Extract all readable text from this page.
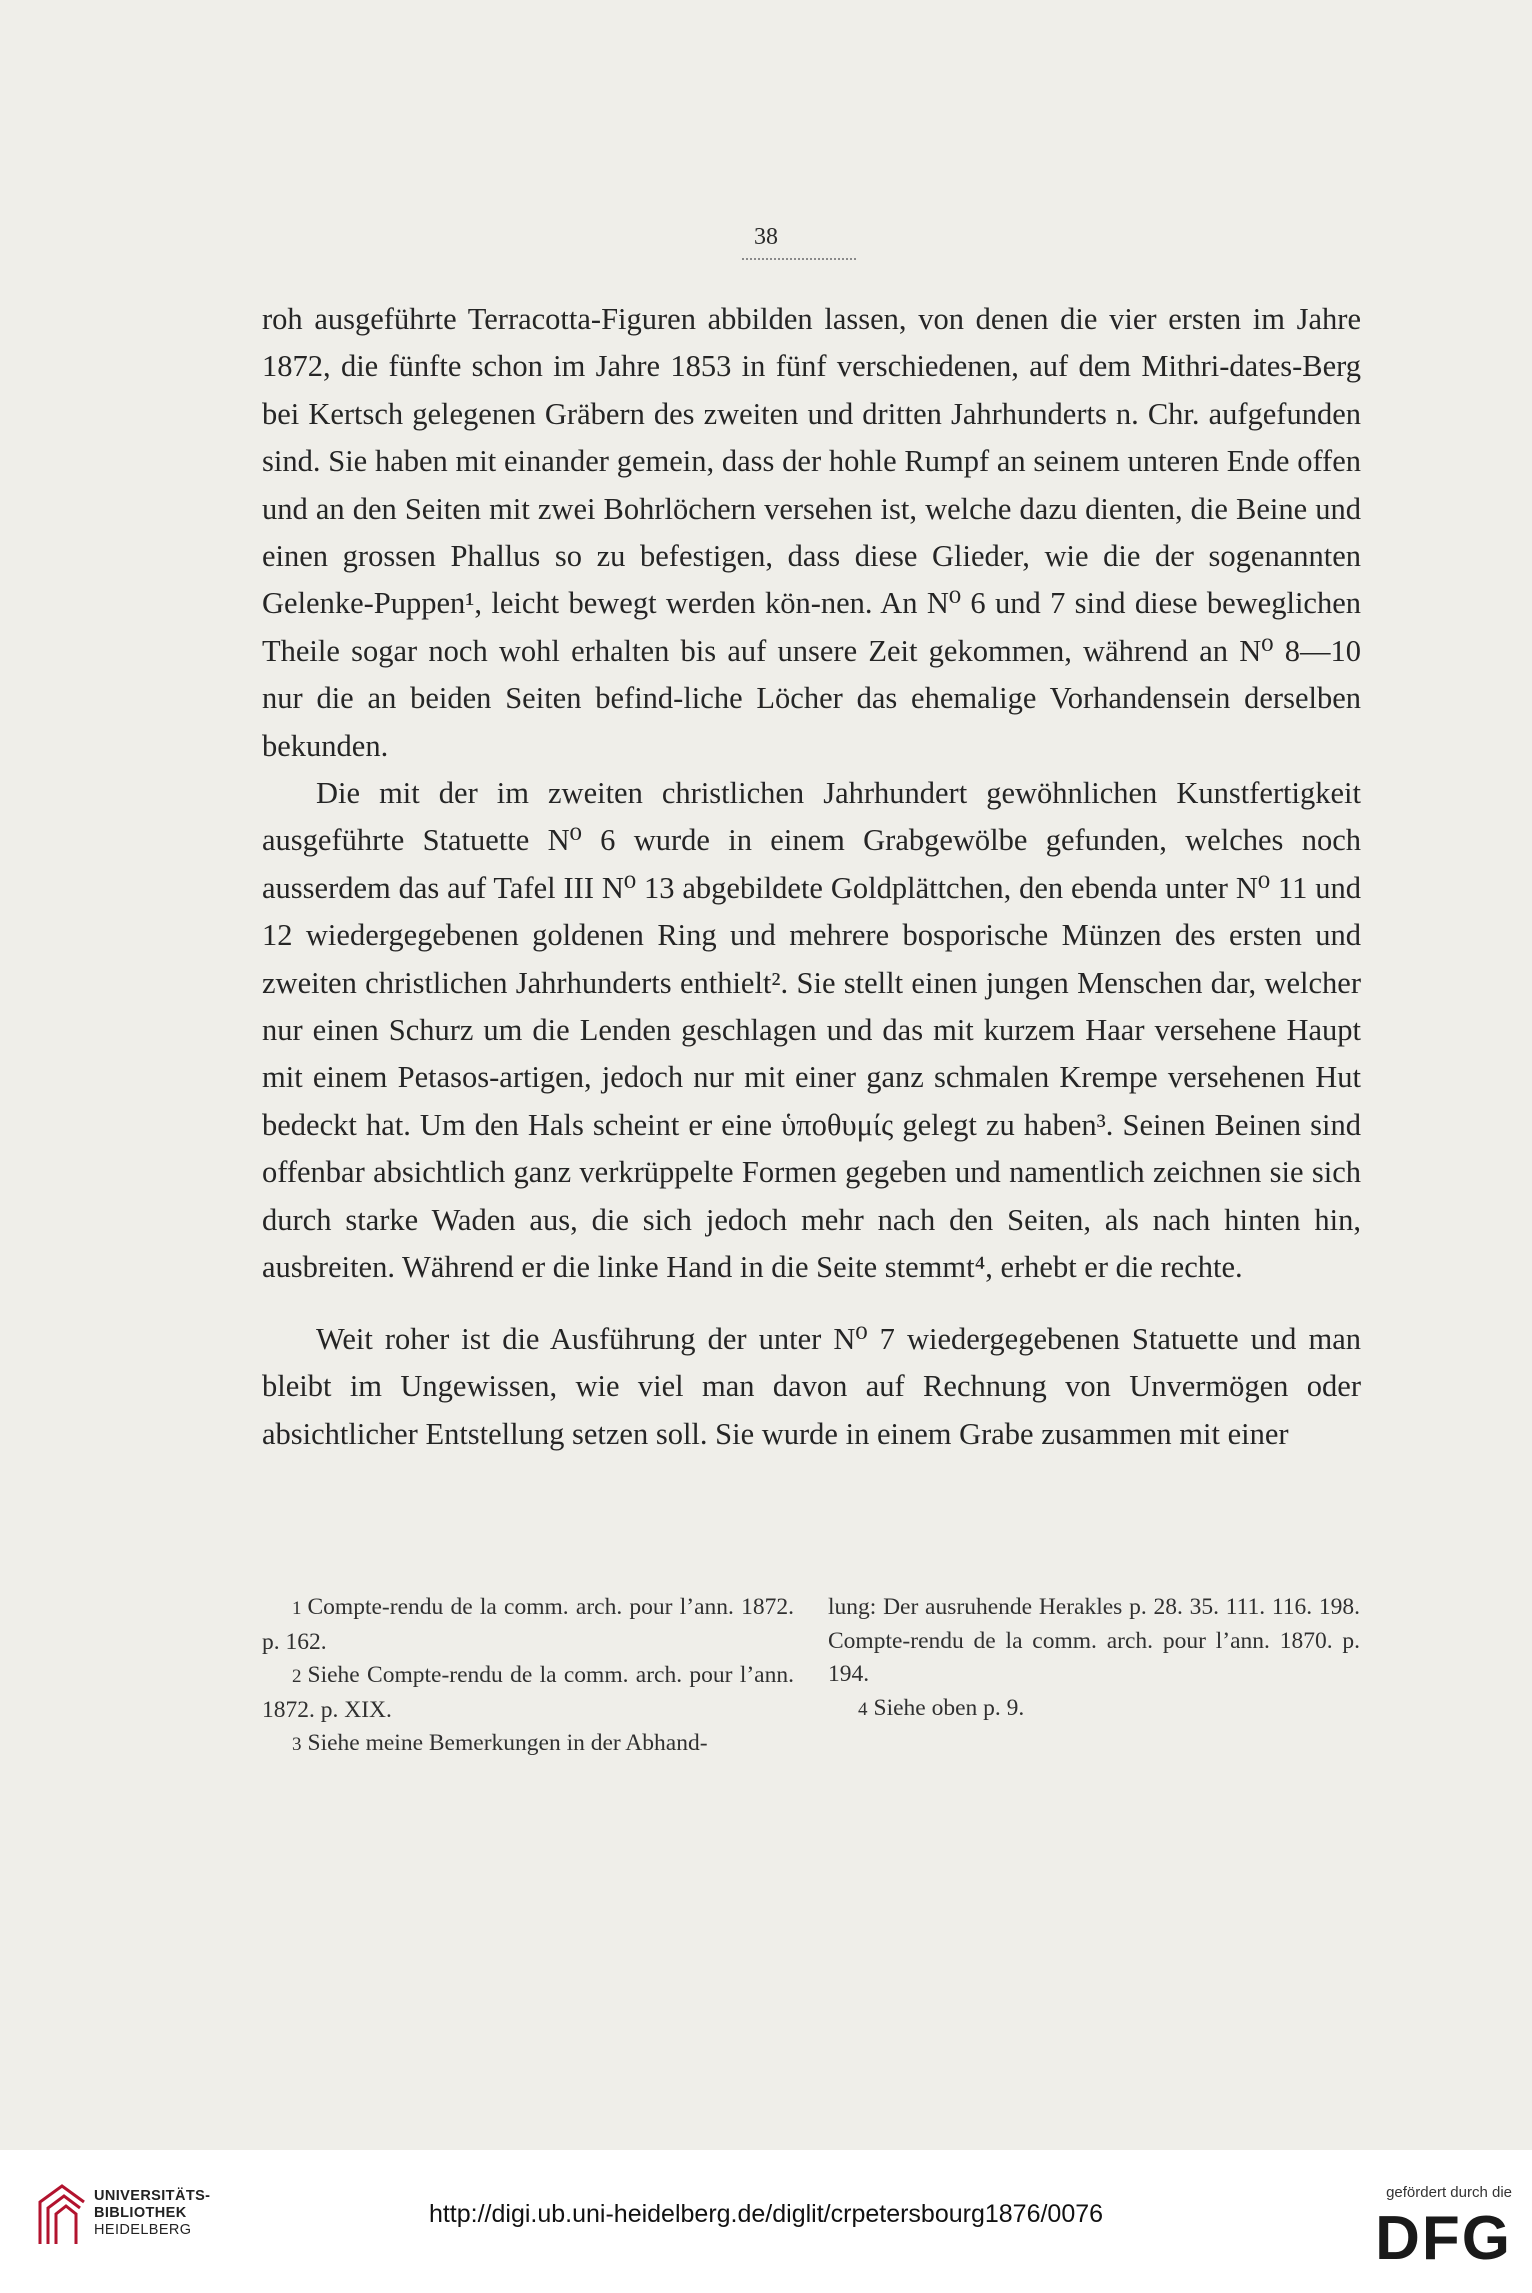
38

roh ausgeführte Terracotta-Figuren abbilden lassen, von denen die vier ersten im Jahre 1872, die fünfte schon im Jahre 1853 in fünf verschiedenen, auf dem Mithri-dates-Berg bei Kertsch gelegenen Gräbern des zweiten und dritten Jahrhunderts n. Chr. aufgefunden sind. Sie haben mit einander gemein, dass der hohle Rumpf an seinem unteren Ende offen und an den Seiten mit zwei Bohrlöchern versehen ist, welche dazu dienten, die Beine und einen grossen Phallus so zu befestigen, dass diese Glieder, wie die der sogenannten Gelenke-Puppen¹, leicht bewegt werden kön-nen. An N⁰ 6 und 7 sind diese beweglichen Theile sogar noch wohl erhalten bis auf unsere Zeit gekommen, während an N⁰ 8—10 nur die an beiden Seiten befind-liche Löcher das ehemalige Vorhandensein derselben bekunden.

Die mit der im zweiten christlichen Jahrhundert gewöhnlichen Kunstfertigkeit ausgeführte Statuette N⁰ 6 wurde in einem Grabgewölbe gefunden, welches noch ausserdem das auf Tafel III N⁰ 13 abgebildete Goldplättchen, den ebenda unter N⁰ 11 und 12 wiedergegebenen goldenen Ring und mehrere bosporische Münzen des ersten und zweiten christlichen Jahrhunderts enthielt². Sie stellt einen jungen Menschen dar, welcher nur einen Schurz um die Lenden geschlagen und das mit kurzem Haar versehene Haupt mit einem Petasos-artigen, jedoch nur mit einer ganz schmalen Krempe versehenen Hut bedeckt hat. Um den Hals scheint er eine ὑποθυμίς gelegt zu haben³. Seinen Beinen sind offenbar absichtlich ganz verkrüppelte Formen gegeben und namentlich zeichnen sie sich durch starke Waden aus, die sich jedoch mehr nach den Seiten, als nach hinten hin, ausbreiten. Während er die linke Hand in die Seite stemmt⁴, erhebt er die rechte.

Weit roher ist die Ausführung der unter N⁰ 7 wiedergegebenen Statuette und man bleibt im Ungewissen, wie viel man davon auf Rechnung von Unvermögen oder absichtlicher Entstellung setzen soll. Sie wurde in einem Grabe zusammen mit einer

1 Compte-rendu de la comm. arch. pour l’ann. 1872. p. 162.

2 Siehe Compte-rendu de la comm. arch. pour l’ann. 1872. p. XIX.

3 Siehe meine Bemerkungen in der Abhand-

lung: Der ausruhende Herakles p. 28. 35. 111. 116. 198. Compte-rendu de la comm. arch. pour l’ann. 1870. p. 194.

4 Siehe oben p. 9.

UNIVERSITÄTS-
BIBLIOTHEK
HEIDELBERG
http://digi.ub.uni-heidelberg.de/diglit/crpetersbourg1876/0076
gefördert durch die
DFG
